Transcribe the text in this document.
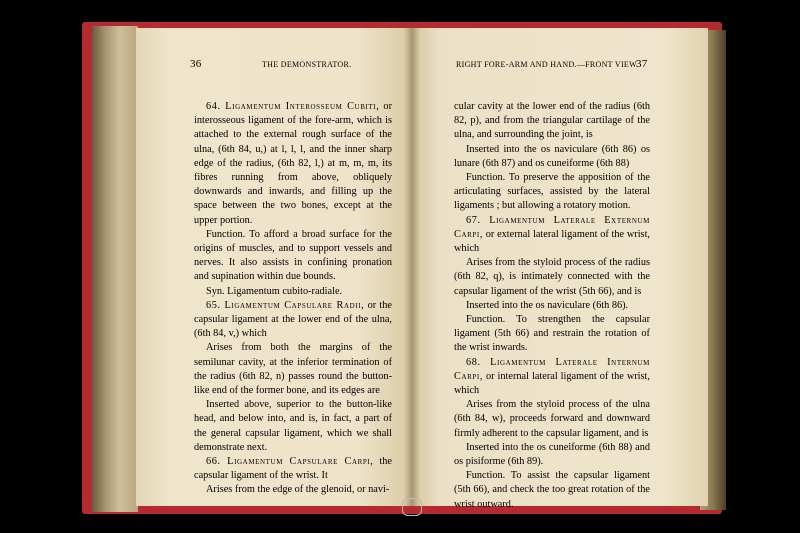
36	THE DEMONSTRATOR.	RIGHT FORE-ARM AND HAND.—FRONT VIEW.
37

64. Ligamentum Interosseum Cubiti, or interosseous ligament of the fore-arm, which is attached to the external rough surface of the ulna, (6th 84, u,) at l, l, l, and the inner sharp edge of the radius, (6th 82, l,) at m, m, m, its fibres running from above, obliquely downwards and inwards, and filling up the space between the two bones, except at the upper portion.

Function. To afford a broad surface for the origins of muscles, and to support vessels and nerves. It also assists in confining pronation and supination within due bounds.

Syn. Ligamentum cubito-radiale.

65. Ligamentum Capsulare Radii, or the capsular ligament at the lower end of the ulna, (6th 84, v,) which

Arises from both the margins of the semilunar cavity, at the inferior termination of the radius (6th 82, n) passes round the button-like end of the former bone, and its edges are

Inserted above, superior to the button-like head, and below into, and is, in fact, a part of the general capsular ligament, which we shall demonstrate next.

66. Ligamentum Capsulare Carpi, the capsular ligament of the wrist. It

Arises from the edge of the glenoid, or navi-

cular cavity at the lower end of the radius (6th 82, p), and from the triangular cartilage of the ulna, and surrounding the joint, is

Inserted into the os naviculare (6th 86) os lunare (6th 87) and os cuneiforme (6th 88)

Function. To preserve the apposition of the articulating surfaces, assisted by the lateral ligaments ; but allowing a rotatory motion.

67. Ligamentum Laterale Externum Carpi, or external lateral ligament of the wrist, which

Arises from the styloid process of the radius (6th 82, q), is intimately connected with the capsular ligament of the wrist (5th 66), and is

Inserted into the os naviculare (6th 86).

Function. To strengthen the capsular ligament (5th 66) and restrain the rotation of the wrist inwards.

68. Ligamentum Laterale Internum Carpi, or internal lateral ligament of the wrist, which

Arises from the styloid process of the ulna (6th 84, w), proceeds forward and downward firmly adherent to the capsular ligament, and is

Inserted into the os cuneiforme (6th 88) and os pisiforme (6th 89).

Function. To assist the capsular ligament (5th 66), and check the too great rotation of the wrist outward.
